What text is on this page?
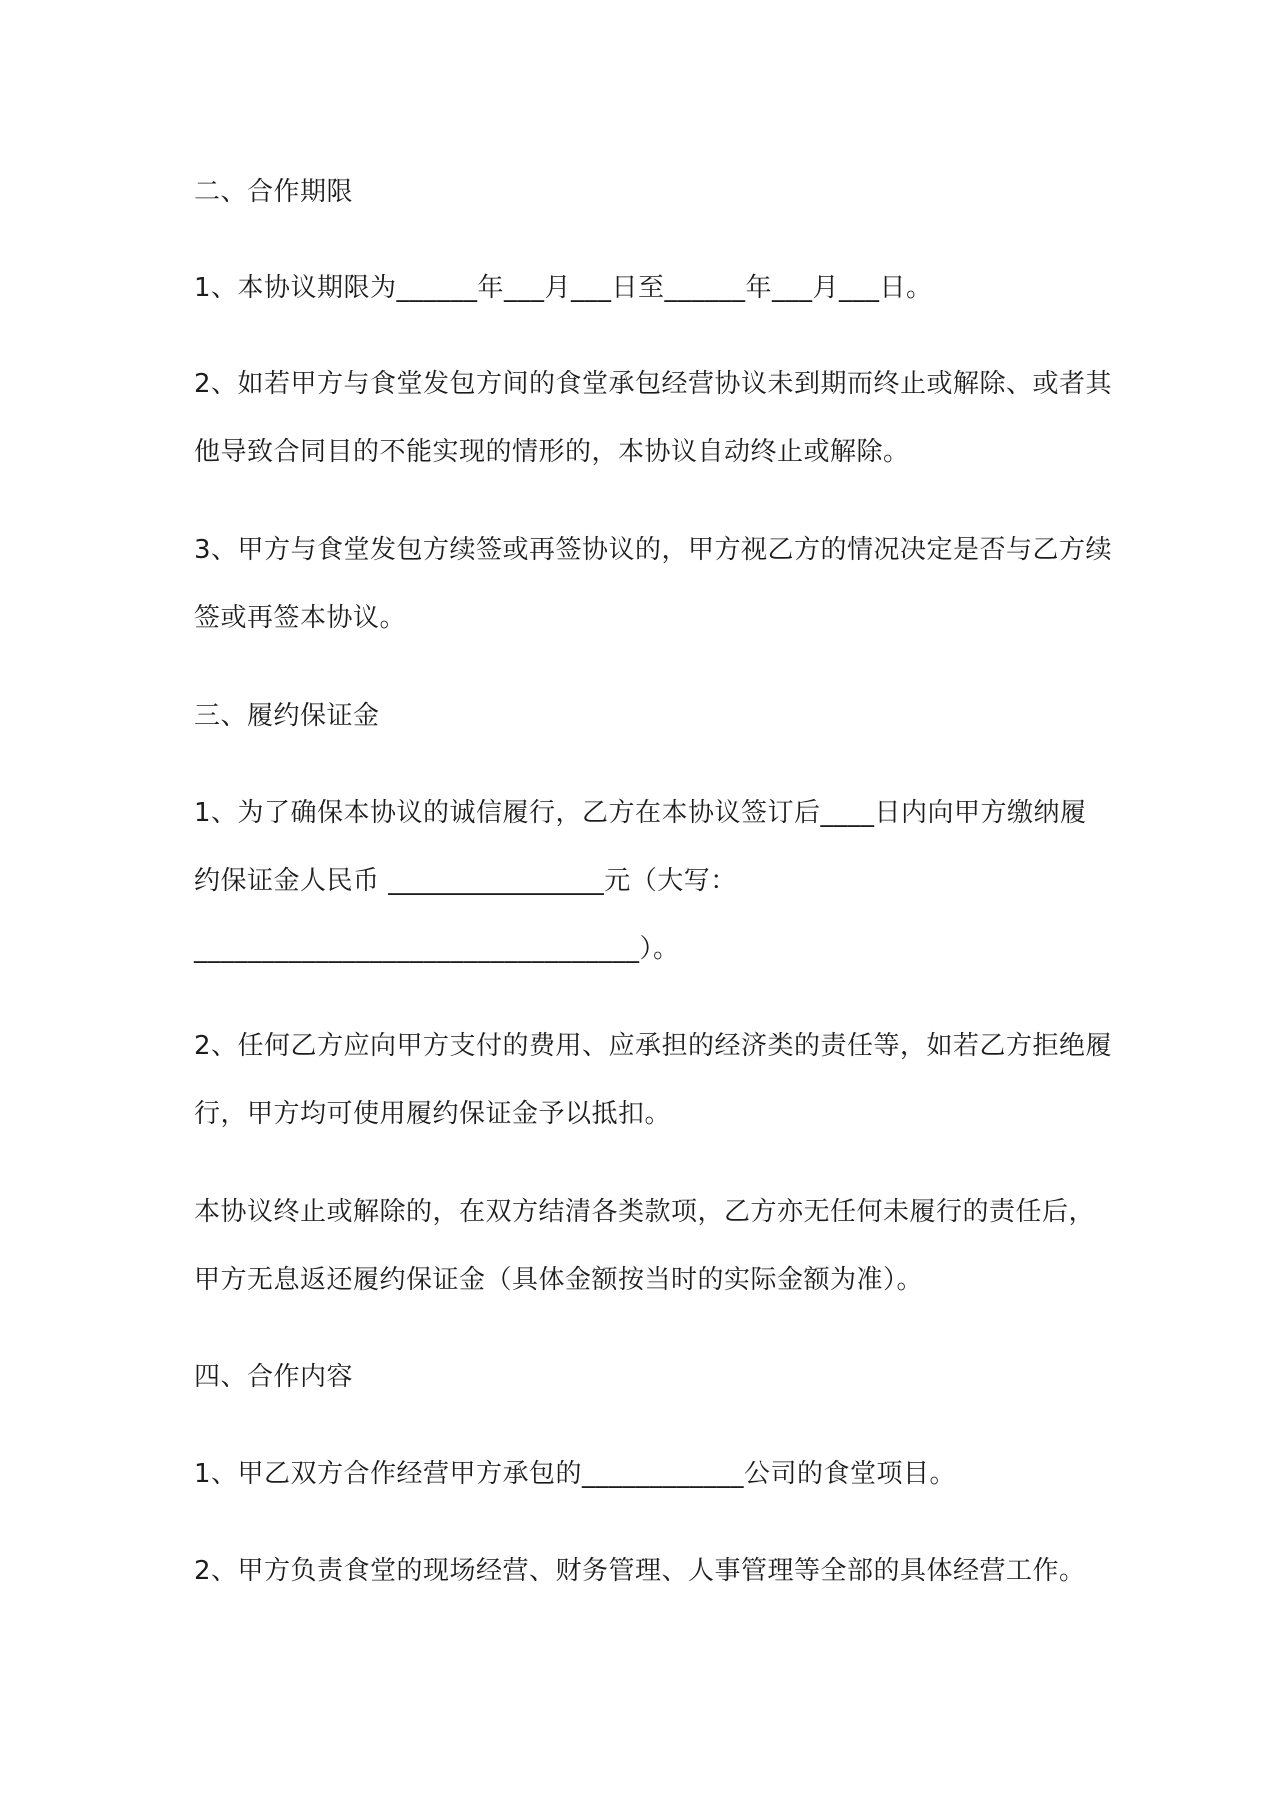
二、合作期限

1、本协议期限为______年___月___日至______年___月___日。

2、如若甲方与食堂发包方间的食堂承包经营协议未到期而终止或解除、或者其

他导致合同目的不能实现的情形的，本协议自动终止或解除。

3、甲方与食堂发包方续签或再签协议的，甲方视乙方的情况决定是否与乙方续

签或再签本协议。

三、履约保证金

1、为了确保本协议的诚信履行，乙方在本协议签订后____日内向甲方缴纳履

约保证金人民币 ________________元（大写：

_________________________________）。

2、任何乙方应向甲方支付的费用、应承担的经济类的责任等，如若乙方拒绝履

行，甲方均可使用履约保证金予以抵扣。

本协议终止或解除的，在双方结清各类款项，乙方亦无任何未履行的责任后，

甲方无息返还履约保证金（具体金额按当时的实际金额为准）。

四、合作内容

1、甲乙双方合作经营甲方承包的____________公司的食堂项目。

2、甲方负责食堂的现场经营、财务管理、人事管理等全部的具体经营工作。
